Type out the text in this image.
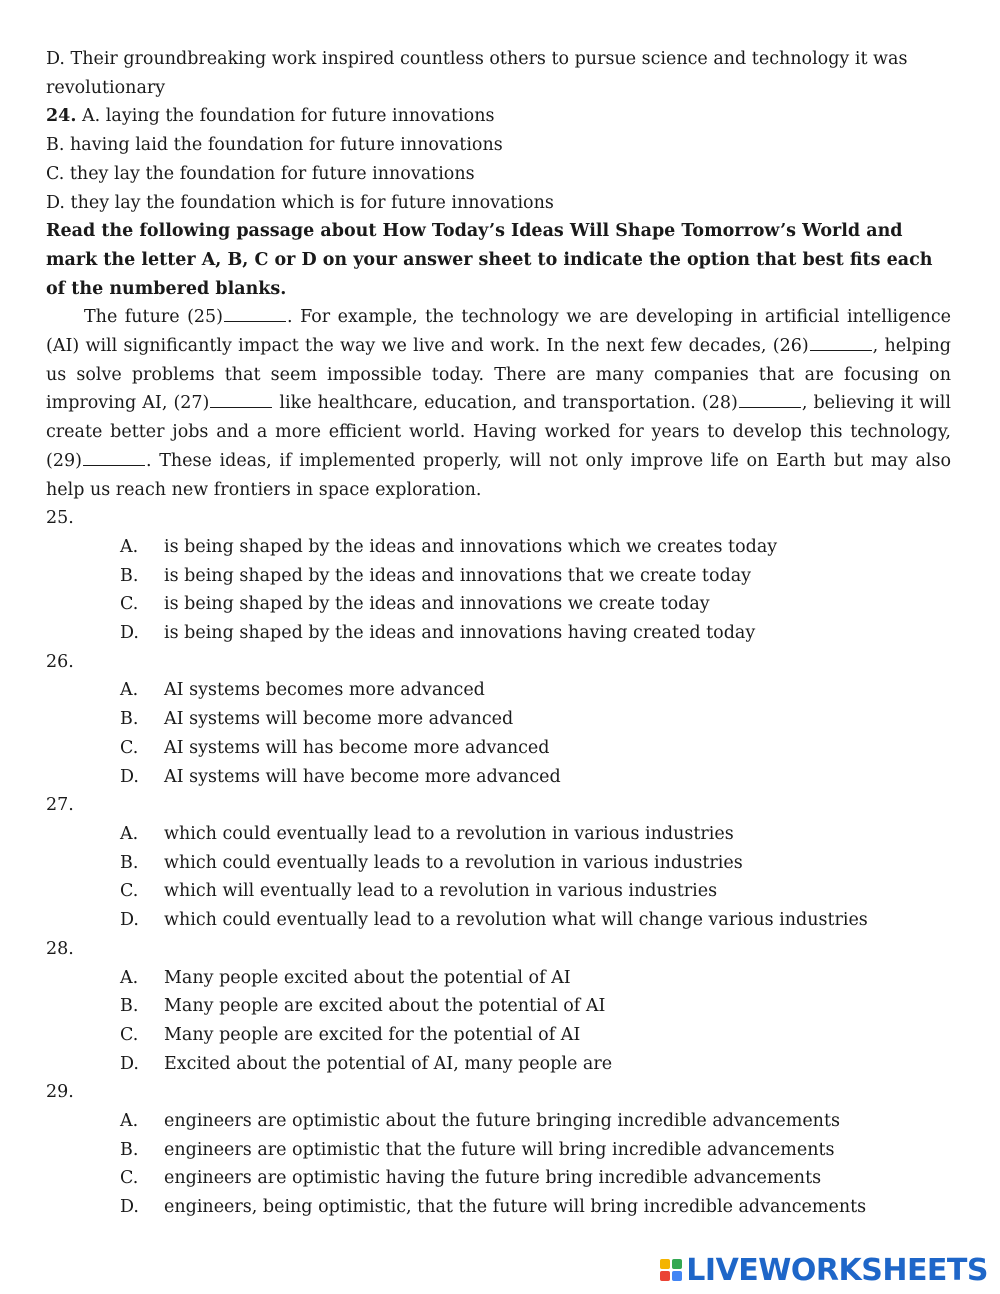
D. Their groundbreaking work inspired countless others to pursue science and technology it was revolutionary
24. A. laying the foundation for future innovations
B. having laid the foundation for future innovations
C. they lay the foundation for future innovations
D. they lay the foundation which is for future innovations
Read the following passage about How Today’s Ideas Will Shape Tomorrow’s World and mark the letter A, B, C or D on your answer sheet to indicate the option that best fits each of the numbered blanks.
The future (25)	. For example, the technology we are developing in artificial intelligence (AI) will significantly impact the way we live and work. In the next few decades, (26)	, helping us solve problems that seem impossible today. There are many companies that are focusing on improving AI, (27)	like healthcare, education, and transportation. (28)	, believing it will create better jobs and a more efficient world. Having worked for years to develop this technology, (29)	. These ideas, if implemented properly, will not only improve life on Earth but may also help us reach new frontiers in space exploration.
25.
A.	is being shaped by the ideas and innovations which we creates today
B.	is being shaped by the ideas and innovations that we create today
C.	is being shaped by the ideas and innovations we create today
D.	is being shaped by the ideas and innovations having created today
26.
A.	AI systems becomes more advanced
B.	AI systems will become more advanced
C.	AI systems will has become more advanced
D.	AI systems will have become more advanced
27.
A.	which could eventually lead to a revolution in various industries
B.	which could eventually leads to a revolution in various industries
C.	which will eventually lead to a revolution in various industries
D.	which could eventually lead to a revolution what will change various industries
28.
A.	Many people excited about the potential of AI
B.	Many people are excited about the potential of AI
C.	Many people are excited for the potential of AI
D.	Excited about the potential of AI, many people are
29.
A.	engineers are optimistic about the future bringing incredible advancements
B.	engineers are optimistic that the future will bring incredible advancements
C.	engineers are optimistic having the future bring incredible advancements
D.	engineers, being optimistic, that the future will bring incredible advancements
LIVEWORKSHEETS
